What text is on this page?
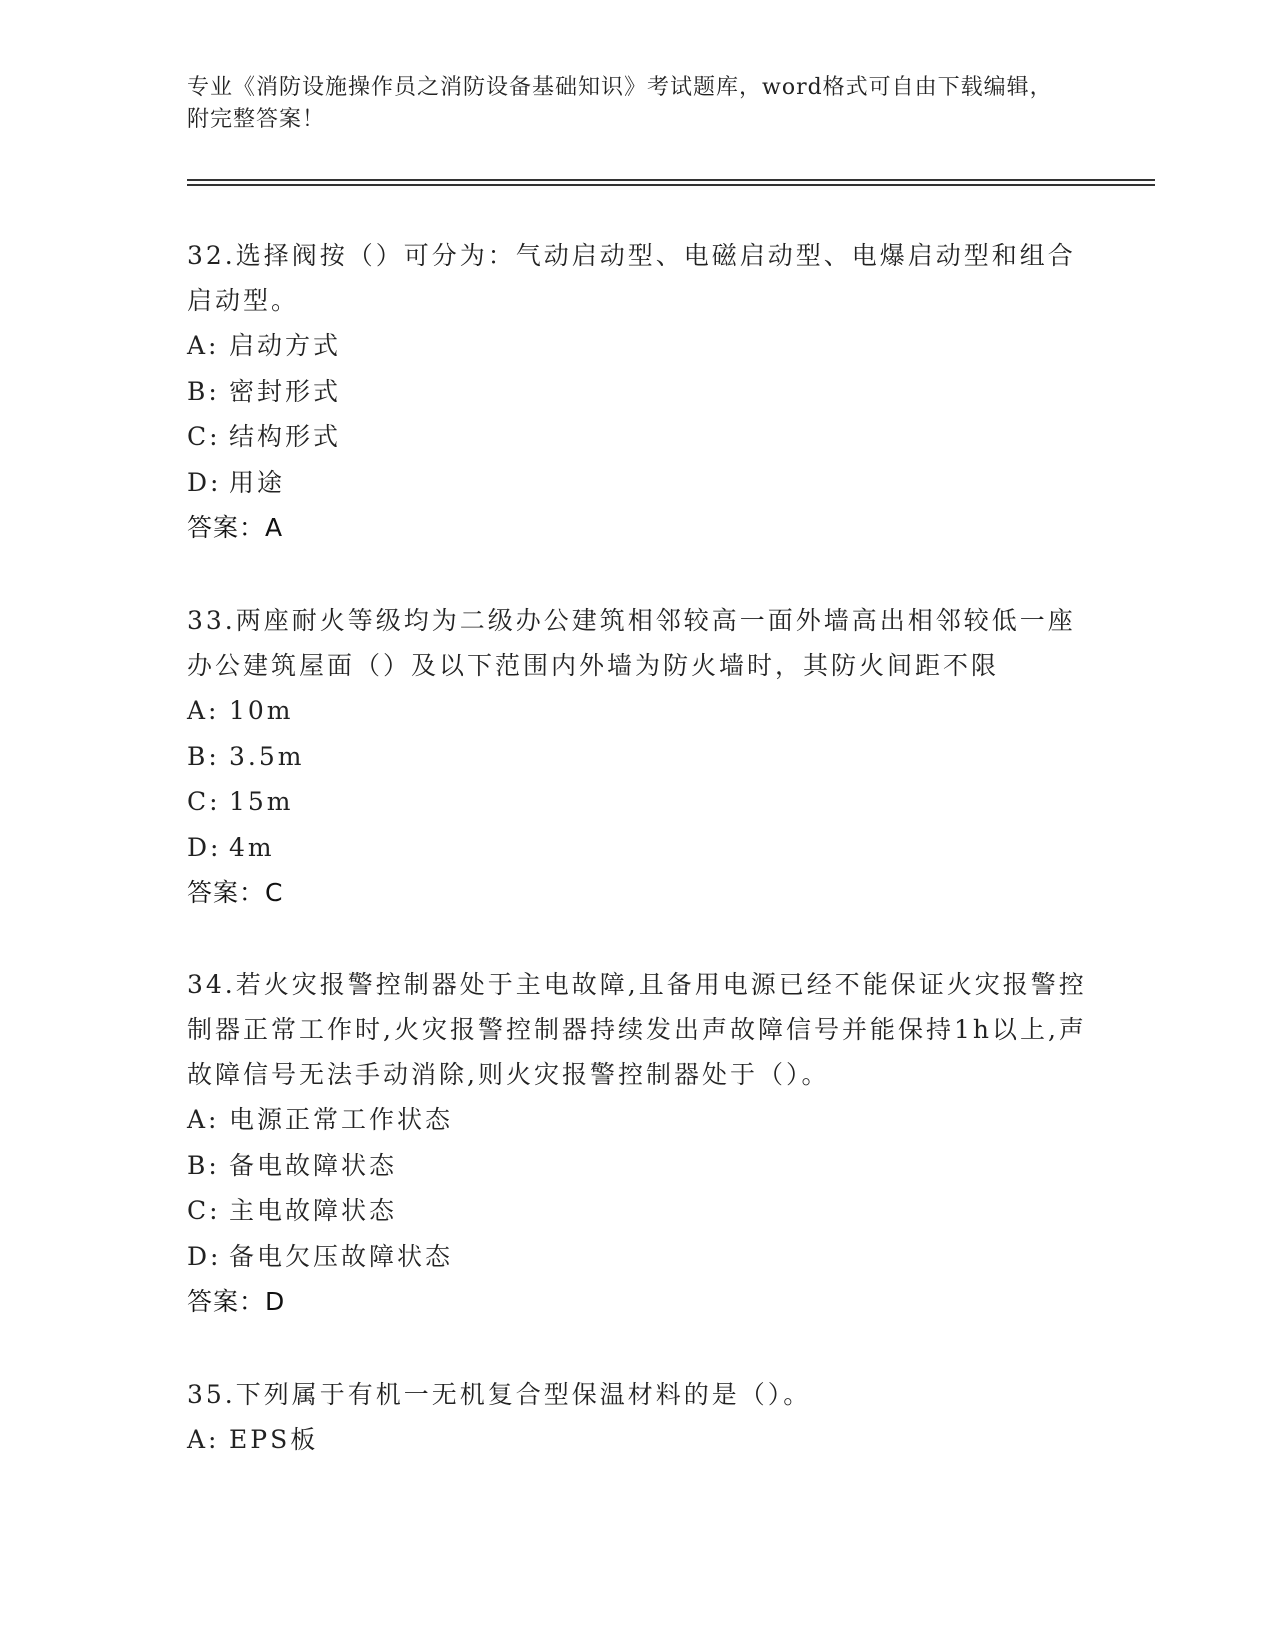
专业《消防设施操作员之消防设备基础知识》考试题库，word格式可自由下载编辑，附完整答案！

32.选择阀按（）可分为：气动启动型、电磁启动型、电爆启动型和组合启动型。

A: 启动方式

B: 密封形式

C: 结构形式

D: 用途

答案：A

33.两座耐火等级均为二级办公建筑相邻较高一面外墙高出相邻较低一座办公建筑屋面（）及以下范围内外墙为防火墙时，其防火间距不限

A: 10m

B: 3.5m

C: 15m

D: 4m

答案：C

34.若火灾报警控制器处于主电故障,且备用电源已经不能保证火灾报警控制器正常工作时,火灾报警控制器持续发出声故障信号并能保持1h以上,声故障信号无法手动消除,则火灾报警控制器处于（）。

A: 电源正常工作状态

B: 备电故障状态

C: 主电故障状态

D: 备电欠压故障状态

答案：D

35.下列属于有机一无机复合型保温材料的是（）。

A: EPS板
